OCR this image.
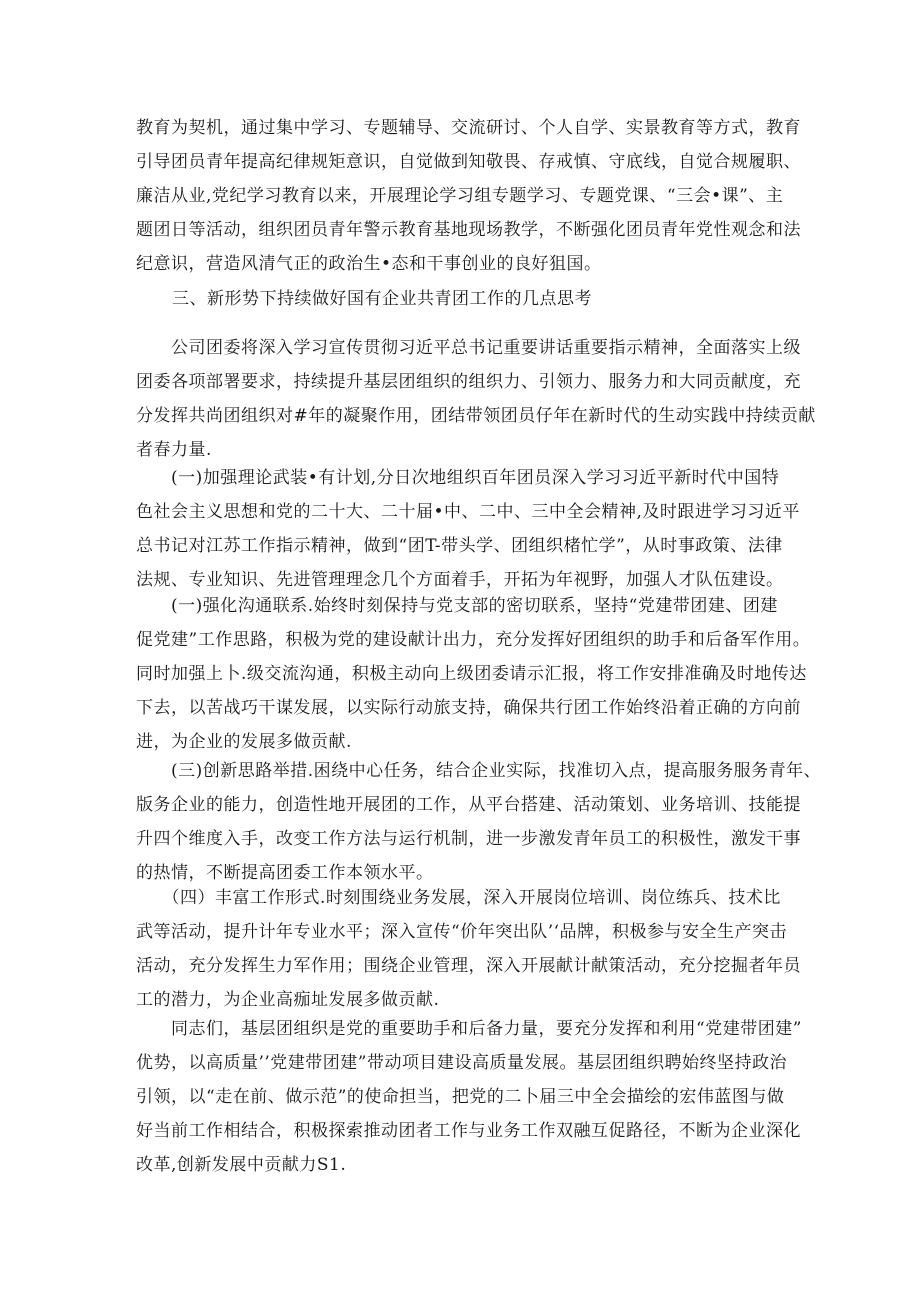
教育为契机，通过集中学习、专题辅导、交流研讨、个人自学、实景教育等方式，教育
引导团员青年提高纪律规矩意识，自觉做到知敬畏、存戒慎、守底线，自觉合规履职、
廉洁从业,党纪学习教育以来，开展理论学习组专题学习、专题党课、“三会•课”、主
题团日等活动，组织团员青年警示教育基地现场教学，不断强化团员青年党性观念和法
纪意识，营造风清气正的政治生•态和干事创业的良好狙国。

三、新形势下持续做好国有企业共青团工作的几点思考

　　公司团委将深入学习宣传贯彻习近平总书记重要讲话重要指示精神，全面落实上级
团委各项部署要求，持续提升基层团组织的组织力、引领力、服务力和大同贡献度，充
分发挥共尚团组织对#年的凝聚作用，团结带领团员仔年在新时代的生动实践中持续贡献
者春力量.
　　(一)加强理论武装•有计划,分日次地组织百年团员深入学习习近平新时代中国特
色社会主义思想和党的二十大、二十届•中、二中、三中全会精神,及时跟进学习习近平
总书记对江苏工作指示精神，做到“团T-带头学、团组织楮忙学”，从时事政策、法律
法规、专业知识、先进管理理念几个方面着手，开拓为年视野，加强人才队伍建设。
　　(一)强化沟通联系.始终时刻保持与党支部的密切联系，坚持“党建带团建、团建
促党建”工作思路，积极为党的建设献计出力，充分发挥好团组织的助手和后备军作用。
同时加强上卜.级交流沟通，积极主动向上级团委请示汇报，将工作安排准确及时地传达
下去，以苦战巧干谋发展，以实际行动旅支持，确保共行团工作始终沿着正确的方向前
进，为企业的发展多做贡献.
　　(三)创新思路举措.困绕中心任务，结合企业实际，找准切入点，提高服务服务青年、
版务企业的能力，创造性地开展团的工作，从平台搭建、活动策划、业务培训、技能提
升四个维度入手，改变工作方法与运行机制，进一步激发青年员工的积极性，激发干事
的热情，不断提高团委工作本领水平。
　　（四）丰富工作形式.时刻围绕业务发展，深入开展岗位培训、岗位练兵、技术比
武等活动，提升计年专业水平；深入宣传“价年突出队’‘品牌，积极参与安全生产突击
活动，充分发挥生力军作用；围绕企业管理，深入开展献计献策活动，充分挖掘者年员
工的潜力，为企业高痂址发展多做贡献.
　　同志们，基层团组织是党的重要助手和后备力量，要充分发挥和利用“党建带团建”
优势，以高质量’’党建带团建”带动项目建设高质量发展。基层团组织聘始终坚持政治
引领，以“走在前、做示范”的使命担当，把党的二卜届三中全会描绘的宏伟蓝图与做
好当前工作相结合，积极探索推动团者工作与业务工作双融互促路径，不断为企业深化
改革,创新发展中贡献力S1.
